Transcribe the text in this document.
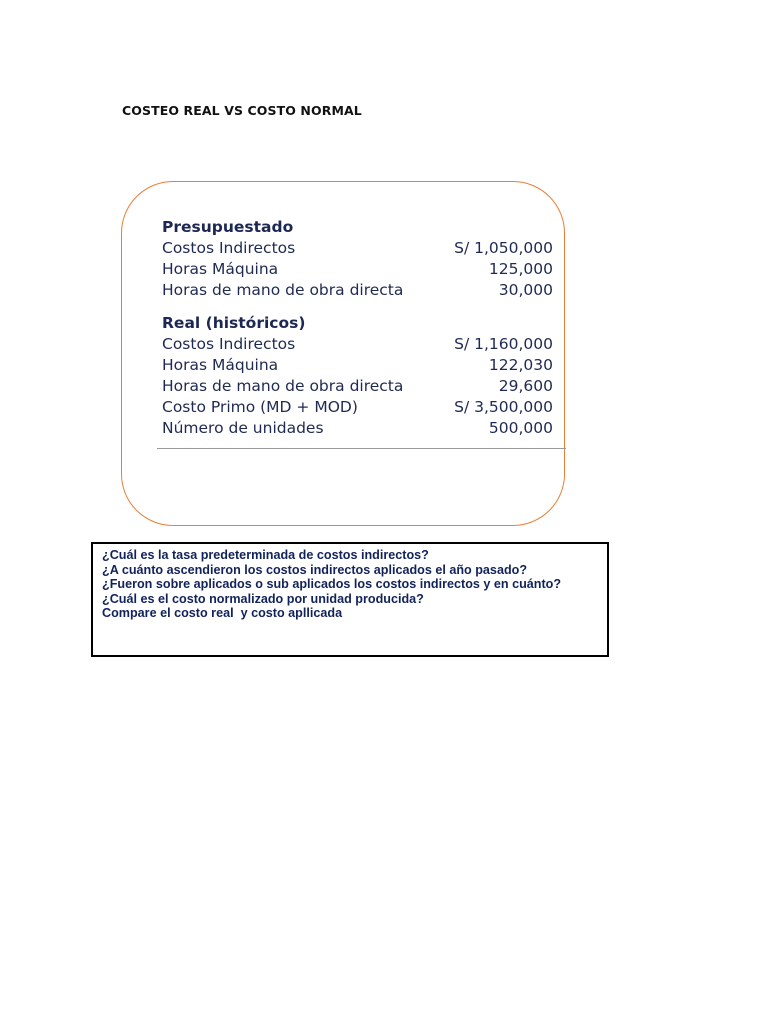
COSTEO REAL VS COSTO NORMAL
Presupuestado
Costos Indirectos	S/ 1,050,000
Horas Máquina	125,000
Horas de mano de obra directa	30,000
Real (históricos)
Costos Indirectos	S/ 1,160,000
Horas Máquina	122,030
Horas de mano de obra directa	29,600
Costo Primo (MD + MOD)	S/ 3,500,000
Número de unidades	500,000

¿Cuál es la tasa predeterminada de costos indirectos?

¿A cuánto ascendieron los costos indirectos aplicados el año pasado?

¿Fueron sobre aplicados o sub aplicados los costos indirectos y en cuánto?

¿Cuál es el costo normalizado por unidad producida?

Compare el costo real  y costo apllicada
